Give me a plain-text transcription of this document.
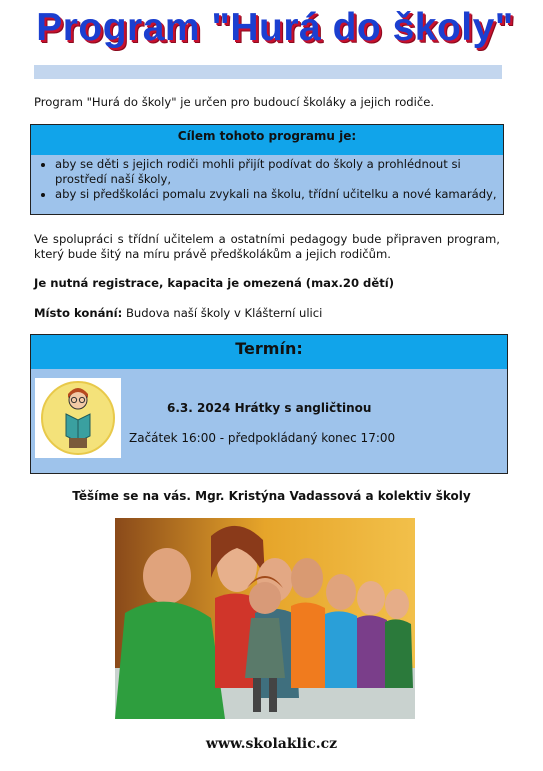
Program "Hurá do školy"
Program "Hurá do školy" je určen pro budoucí školáky a jejich rodiče.
Cílem tohoto programu je:
• aby se děti s jejich rodiči mohli přijít podívat do školy a prohlédnout si prostředí naší školy,
• aby si předškoláci pomalu zvykali na školu, třídní učitelku a nové kamarády,
Ve spolupráci s třídní učitelem a ostatními pedagogy bude připraven program, který bude šitý na míru právě předškolákům a jejich rodičům.
Je nutná registrace, kapacita je omezená (max.20 dětí)
Místo konání: Budova naší školy v Klášterní ulici
Termín:
6.3. 2024 Hrátky s angličtinou
Začátek 16:00 - předpokládaný konec 17:00
Těšíme se na vás. Mgr. Kristýna Vadassová a kolektiv školy
www.skolaklic.cz
